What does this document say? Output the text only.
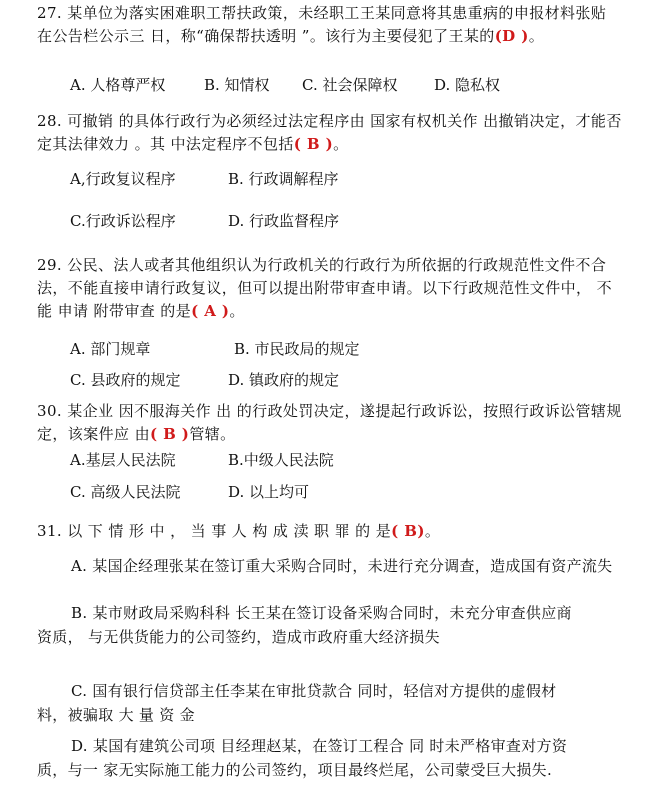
27. 某单位为落实困难职工帮扶政策，未经职工王某同意将其患重病的申报材料张贴 在公告栏公示三 日，称“确保帮扶透明 ”。该行为主要侵犯了王某的(D )。

A. 人格尊严权	B. 知情权 C. 社会保障权 D. 隐私权

28. 可撤销 的具体行政行为必须经过法定程序由 国家有权机关作 出撤销决定，才能否 定其法律效力 。其 中法定程序不包括( B )。

A,行政复议程序	B. 行政调解程序
C.行政诉讼程序	D. 行政监督程序

29. 公民、法人或者其他组织认为行政机关的行政行为所依据的行政规范性文件不合 法，不能直接申请行政复议，但可以提出附带审查申请。以下行政规范性文件中， 不能 申请 附带审查 的是( A )。

A. 部门规章	B. 市民政局的规定
C. 县政府的规定	D. 镇政府的规定

30. 某企业 因不服海关作 出 的行政处罚决定，遂提起行政诉讼，按照行政诉讼管辖规 定，该案件应 由( B )管辖。

A.基层人民法院	B.中级人民法院
C. 高级人民法院	D. 以上均可

31. 以 下 情 形 中 ， 当 事 人 构 成 渎 职 罪 的 是( B)。

A. 某国企经理张某在签订重大采购合同时，未进行充分调查，造成国有资产流失

B. 某市财政局采购科科 长王某在签订设备采购合同时，未充分审查供应商资质， 与无供货能力的公司签约，造成市政府重大经济损失

C. 国有银行信贷部主任李某在审批贷款合 同时，轻信对方提供的虚假材料，被骗取 大 量 资 金

D. 某国有建筑公司项 目经理赵某，在签订工程合 同 时未严格审查对方资质，与一 家无实际施工能力的公司签约，项目最终烂尾，公司蒙受巨大损失.
